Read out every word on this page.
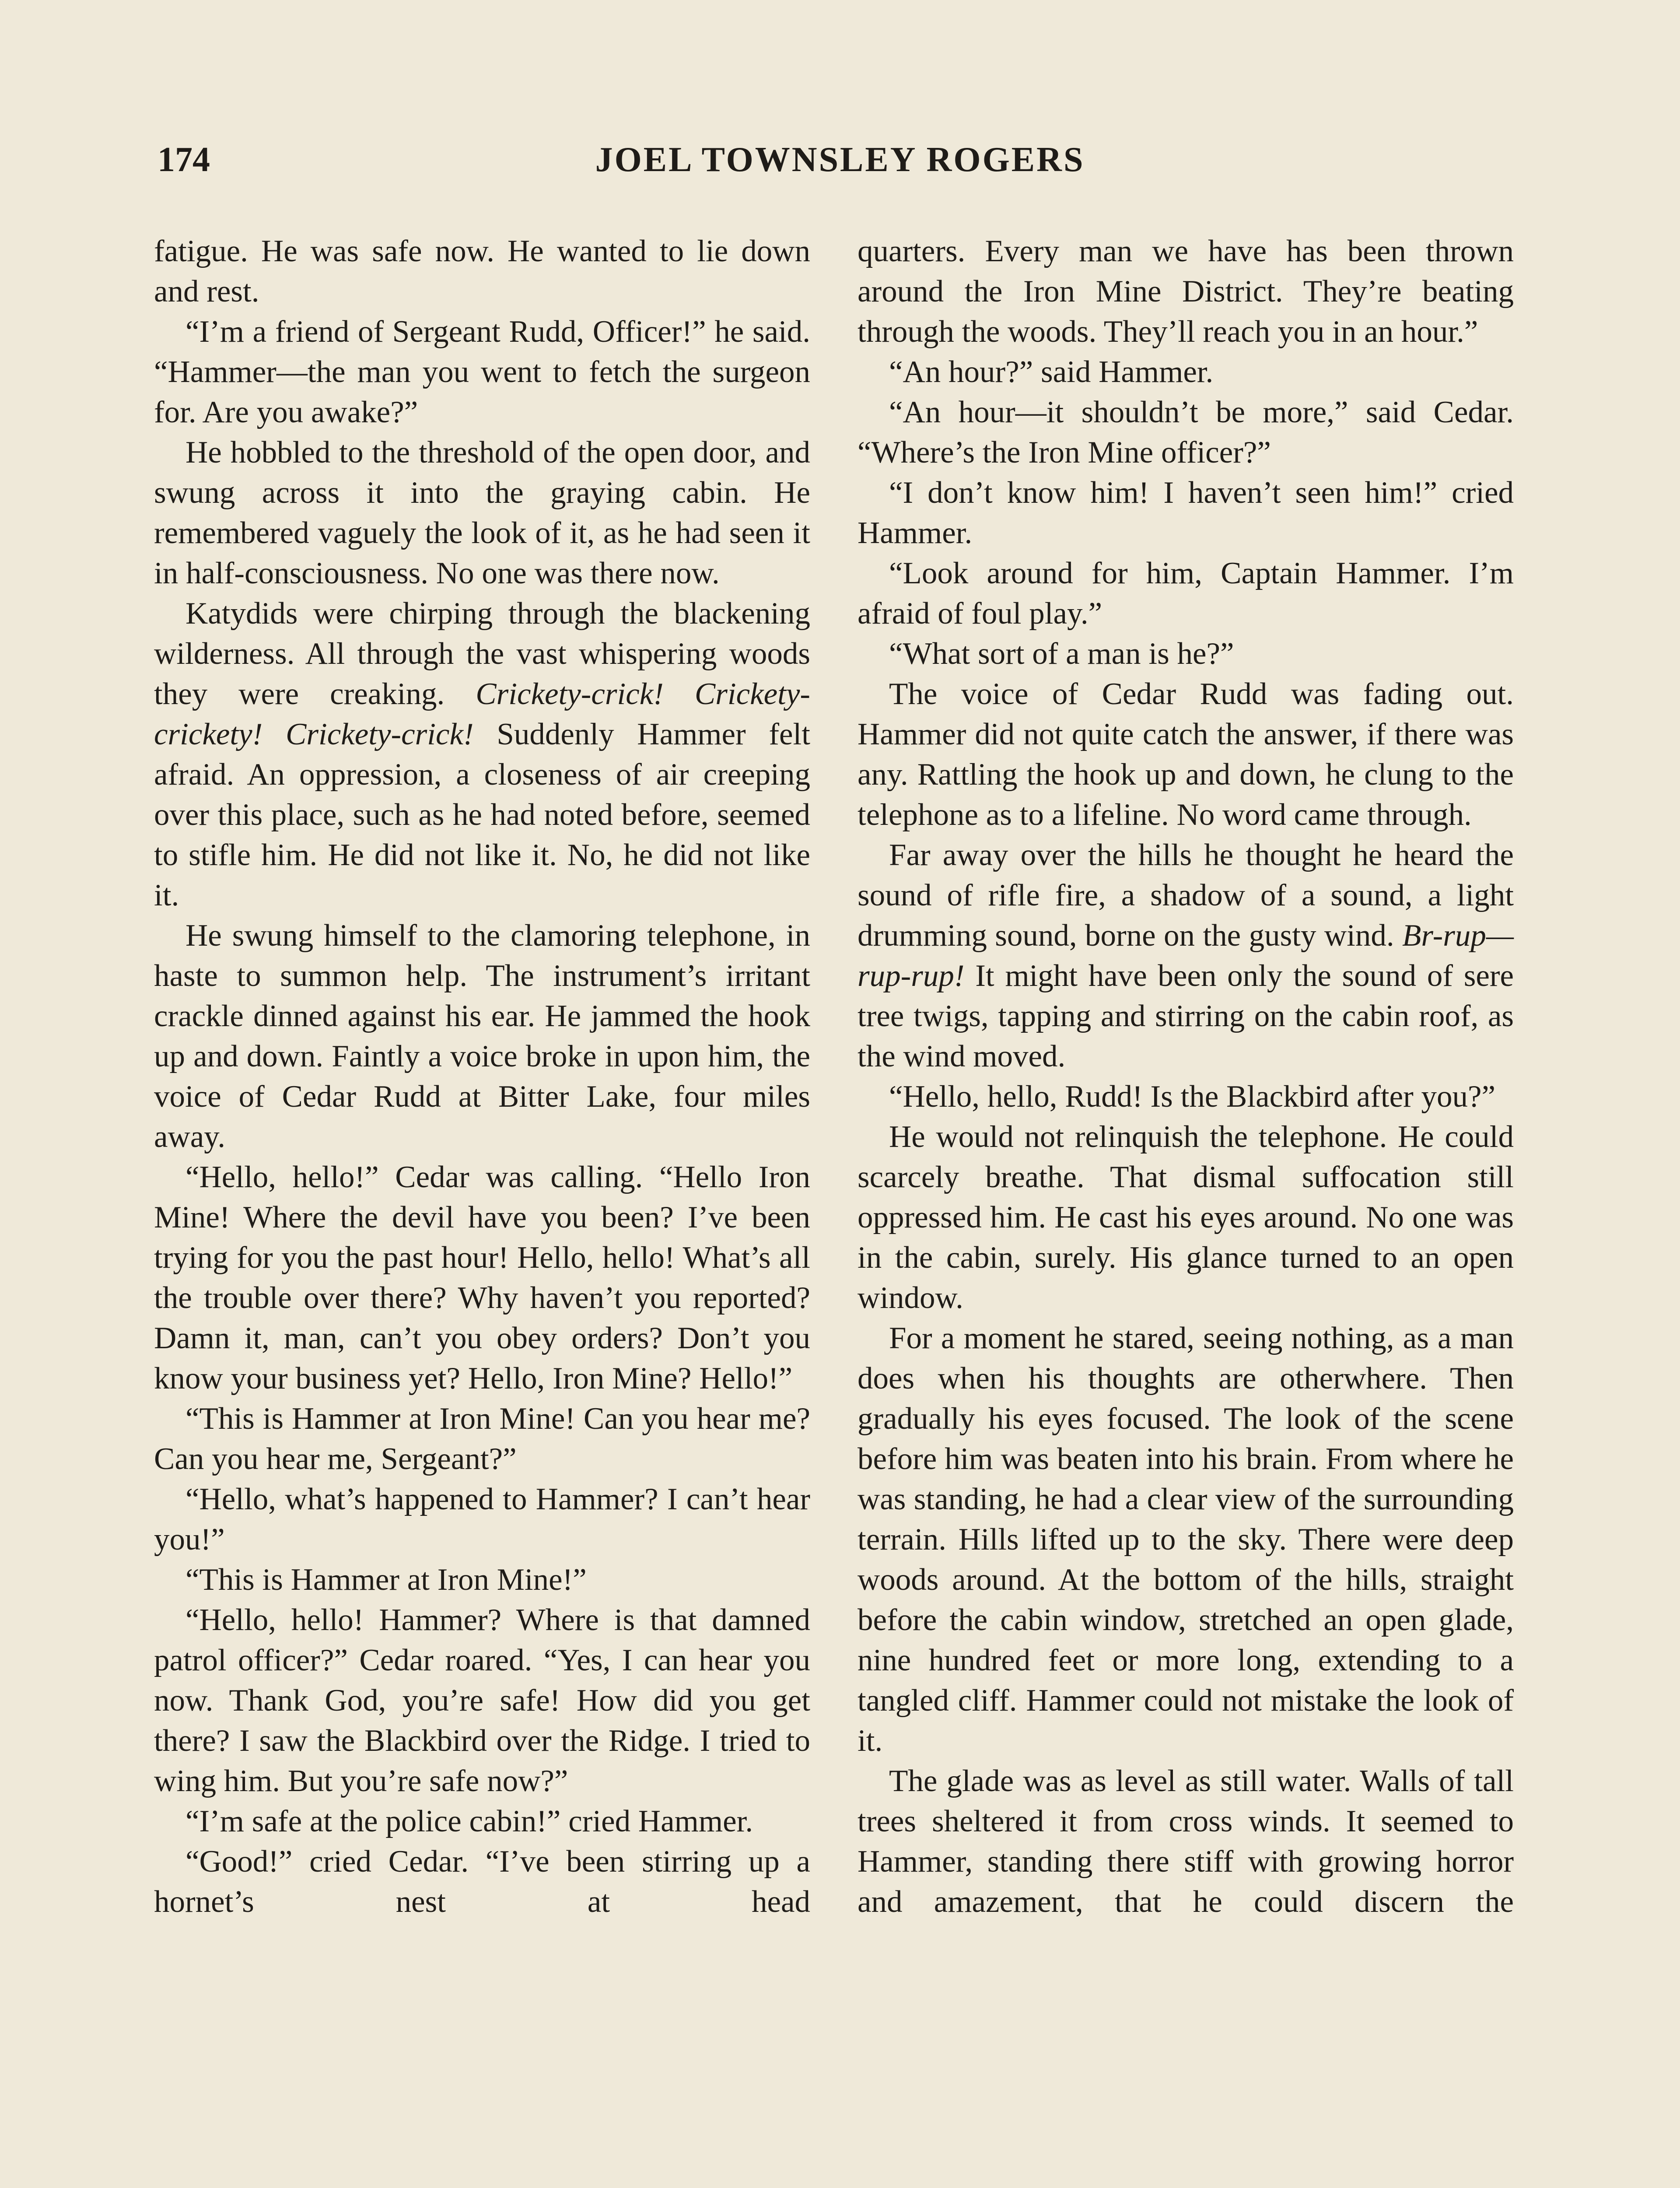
174	JOEL TOWNSLEY ROGERS

fatigue. He was safe now. He wanted to lie down and rest.

“I’m a friend of Sergeant Rudd, Officer!” he said. “Hammer—the man you went to fetch the surgeon for. Are you awake?”

He hobbled to the threshold of the open door, and swung across it into the graying cabin. He remembered vaguely the look of it, as he had seen it in half-consciousness. No one was there now.

Katydids were chirping through the blackening wilderness. All through the vast whispering woods they were creaking. Crickety-crick! Crickety-crickety! Crickety-crick! Suddenly Hammer felt afraid. An oppression, a closeness of air creeping over this place, such as he had noted before, seemed to stifle him. He did not like it. No, he did not like it.

He swung himself to the clamoring telephone, in haste to summon help. The instrument’s irritant crackle dinned against his ear. He jammed the hook up and down. Faintly a voice broke in upon him, the voice of Cedar Rudd at Bitter Lake, four miles away.

“Hello, hello!” Cedar was calling. “Hello Iron Mine! Where the devil have you been? I’ve been trying for you the past hour! Hello, hello! What’s all the trouble over there? Why haven’t you reported? Damn it, man, can’t you obey orders? Don’t you know your business yet? Hello, Iron Mine? Hello!”

“This is Hammer at Iron Mine! Can you hear me? Can you hear me, Sergeant?”

“Hello, what’s happened to Hammer? I can’t hear you!”

“This is Hammer at Iron Mine!”

“Hello, hello! Hammer? Where is that damned patrol officer?” Cedar roared. “Yes, I can hear you now. Thank God, you’re safe! How did you get there? I saw the Blackbird over the Ridge. I tried to wing him. But you’re safe now?”

“I’m safe at the police cabin!” cried Hammer.

“Good!” cried Cedar. “I’ve been stirring up a hornet’s nest at head

quarters. Every man we have has been thrown around the Iron Mine District. They’re beating through the woods. They’ll reach you in an hour.”

“An hour?” said Hammer.

“An hour—it shouldn’t be more,” said Cedar. “Where’s the Iron Mine officer?”

“I don’t know him! I haven’t seen him!” cried Hammer.

“Look around for him, Captain Hammer. I’m afraid of foul play.”

“What sort of a man is he?”

The voice of Cedar Rudd was fading out. Hammer did not quite catch the answer, if there was any. Rattling the hook up and down, he clung to the telephone as to a lifeline. No word came through.

Far away over the hills he thought he heard the sound of rifle fire, a shadow of a sound, a light drumming sound, borne on the gusty wind. Br-rup—rup-rup! It might have been only the sound of sere tree twigs, tapping and stirring on the cabin roof, as the wind moved.

“Hello, hello, Rudd! Is the Blackbird after you?”

He would not relinquish the telephone. He could scarcely breathe. That dismal suffocation still oppressed him. He cast his eyes around. No one was in the cabin, surely. His glance turned to an open window.

For a moment he stared, seeing nothing, as a man does when his thoughts are otherwhere. Then gradually his eyes focused. The look of the scene before him was beaten into his brain. From where he was standing, he had a clear view of the surrounding terrain. Hills lifted up to the sky. There were deep woods around. At the bottom of the hills, straight before the cabin window, stretched an open glade, nine hundred feet or more long, extending to a tangled cliff. Hammer could not mistake the look of it.

The glade was as level as still water. Walls of tall trees sheltered it from cross winds. It seemed to Hammer, standing there stiff with growing horror and amazement, that he could discern the
